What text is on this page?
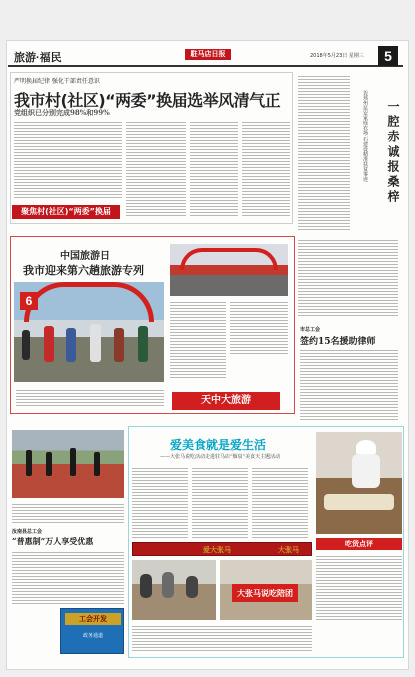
旅游·福民	駐马店日报	2018年5月23日 星期三	5
严明换届纪律 强化干部责任意识
我市村(社区)“两委”换届选举风清气正
党组织已分别完成98%和99%
聚焦村(社区)“两委”换届
一腔赤诚报桑梓
访郑州昆安家庭农场·石建设精准扶贫事迹
中国旅游日
我市迎来第六趟旅游专列
6
天中大旅游
市总工会
签约15名援助律师
汝南县总工会
“普惠制”万人享受优惠
工会开发
政务通道
爱美食就是爱生活
——大张马说吃活动走进驻马店“烟泉”美食天主题活动
爱大张马	大张马
大张马说吃陪团
吃货点评
